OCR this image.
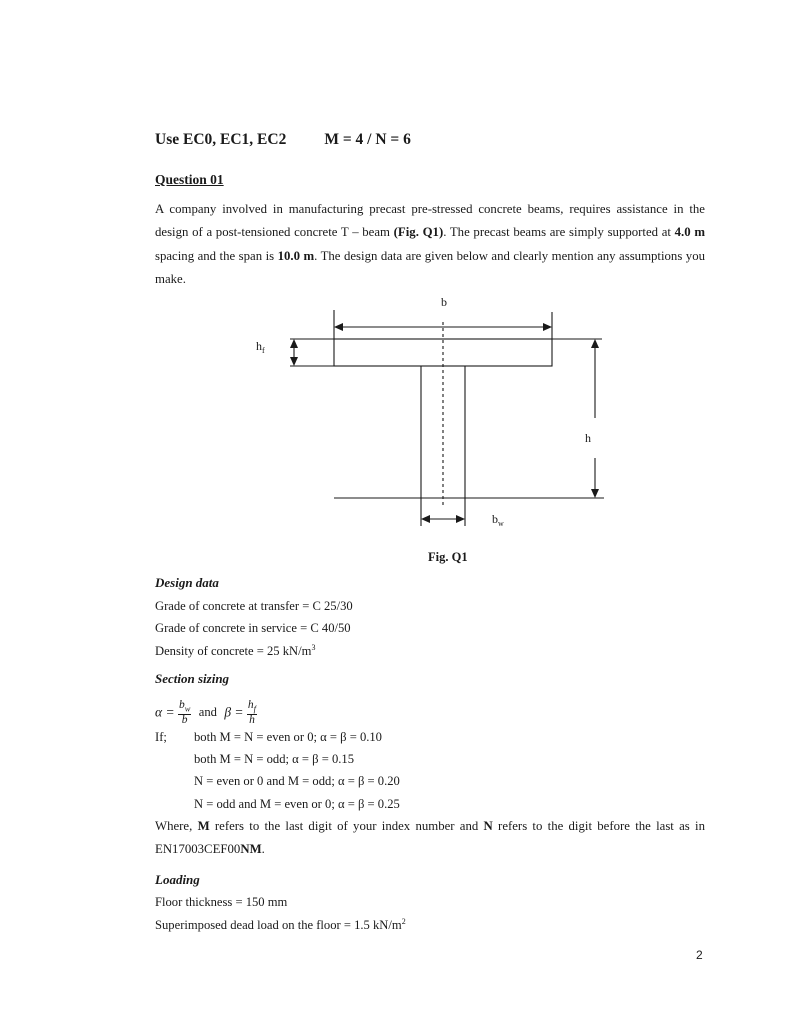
Use EC0, EC1, EC2 M = 4 / N = 6
Question 01
A company involved in manufacturing precast pre-stressed concrete beams, requires assistance in the design of a post-tensioned concrete T – beam (Fig. Q1). The precast beams are simply supported at 4.0 m spacing and the span is 10.0 m. The design data are given below and clearly mention any assumptions you make.
b
$h_f$
h
$b_w$
Fig. Q1
Design data
Grade of concrete at transfer = C 25/30
Grade of concrete in service = C 40/50
Density of concrete = 25 $kN/m^3$
Section sizing
$\alpha = \frac{b_w}{b}$ and $\beta = \frac{h_f}{h}$
If; both M = N = even or 0; α = β = 0.10
both M = N = odd; α = β = 0.15
N = even or 0 and M = odd; α = β = 0.20
N = odd and M = even or 0; α = β = 0.25
Where, M refers to the last digit of your index number and N refers to the digit before the last as in EN17003CEF00NM.
Loading
Floor thickness = 150 mm
Superimposed dead load on the floor = 1.5 $kN/m^2$
2
